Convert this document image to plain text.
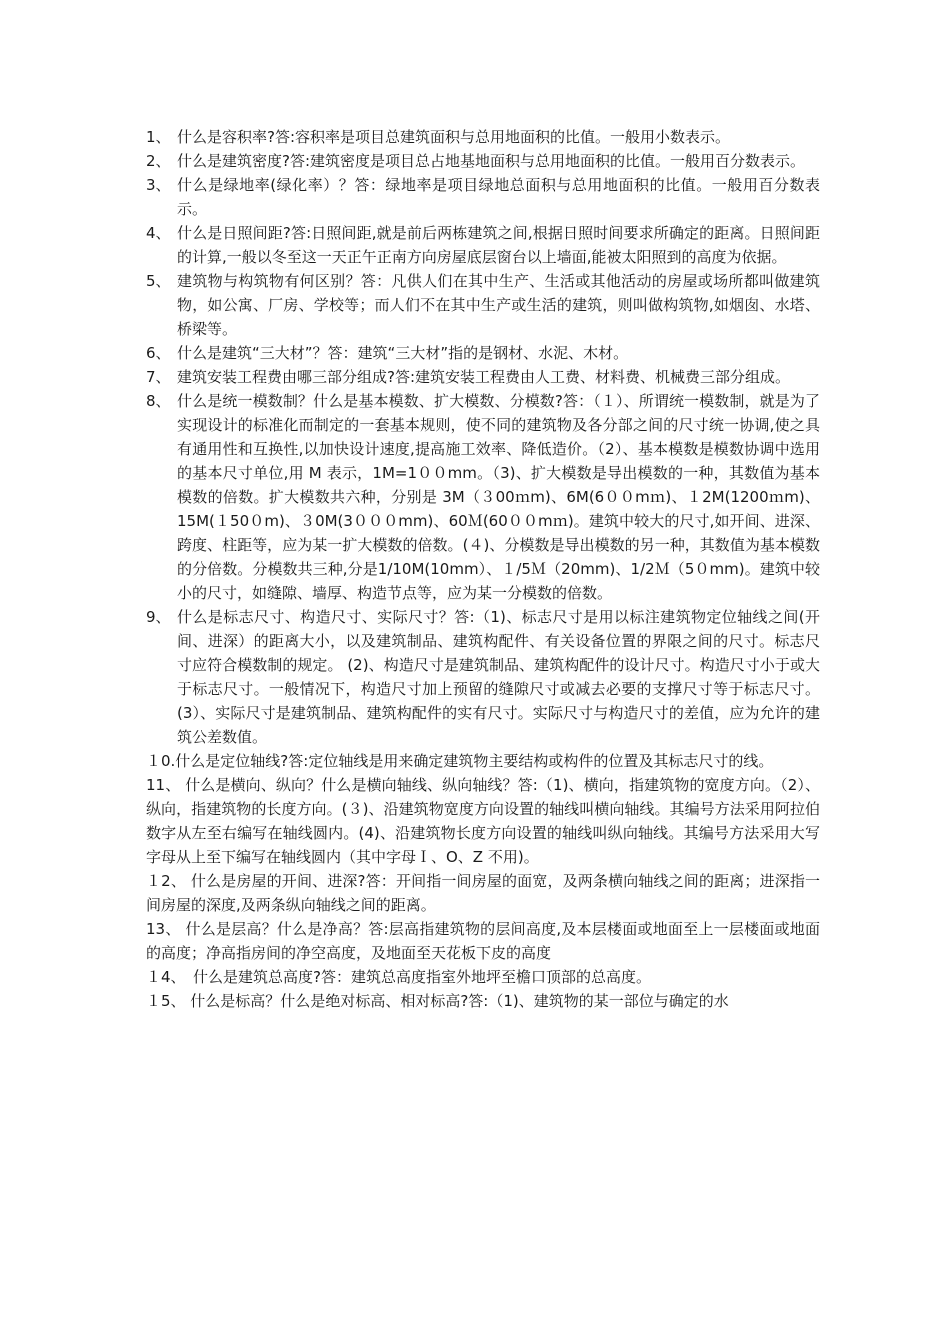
1、 什么是容积率?答:容积率是项目总建筑面积与总用地面积的比值。一般用小数表示。
2、 什么是建筑密度?答:建筑密度是项目总占地基地面积与总用地面积的比值。一般用百分数表示。
3、 什么是绿地率(绿化率）？答：绿地率是项目绿地总面积与总用地面积的比值。一般用百分数表示。
4、 什么是日照间距?答:日照间距,就是前后两栋建筑之间,根据日照时间要求所确定的距离。日照间距的计算,一般以冬至这一天正午正南方向房屋底层窗台以上墙面,能被太阳照到的高度为依据。
5、 建筑物与构筑物有何区别？答：凡供人们在其中生产、生活或其他活动的房屋或场所都叫做建筑物，如公寓、厂房、学校等；而人们不在其中生产或生活的建筑，则叫做构筑物,如烟囱、水塔、桥梁等。
6、 什么是建筑“三大材”？答：建筑“三大材”指的是钢材、水泥、木材。
7、 建筑安装工程费由哪三部分组成?答:建筑安装工程费由人工费、材料费、机械费三部分组成。
8、 什么是统一模数制？什么是基本模数、扩大模数、分模数?答：（１）、所谓统一模数制，就是为了实现设计的标准化而制定的一套基本规则，使不同的建筑物及各分部之间的尺寸统一协调,使之具有通用性和互换性,以加快设计速度,提高施工效率、降低造价。（2）、基本模数是模数协调中选用的基本尺寸单位,用 M 表示，1M=1００mm。（3)、扩大模数是导出模数的一种，其数值为基本模数的倍数。扩大模数共六种，分别是 3M（３00ｍm)、6M(6００mｍ)、１2M(1200ｍm)、15M(１50０m)、３0M(3０００mm)、60Ｍ(60００mｍ)。建筑中较大的尺寸,如开间、进深、跨度、柱距等，应为某一扩大模数的倍数。(４)、分模数是导出模数的另一种，其数值为基本模数的分倍数。分模数共三种,分是1/10M(10mm）、１/5Ｍ（20mm)、1/2Ｍ（5０mm)。建筑中较小的尺寸，如缝隙、墙厚、构造节点等，应为某一分模数的倍数。
9、 什么是标志尺寸、构造尺寸、实际尺寸？答:（1)、标志尺寸是用以标注建筑物定位轴线之间(开间、进深）的距离大小，以及建筑制品、建筑构配件、有关设备位置的界限之间的尺寸。标志尺寸应符合模数制的规定。 (2)、构造尺寸是建筑制品、建筑构配件的设计尺寸。构造尺寸小于或大于标志尺寸。一般情况下，构造尺寸加上预留的缝隙尺寸或减去必要的支撑尺寸等于标志尺寸。 (3）、实际尺寸是建筑制品、建筑构配件的实有尺寸。实际尺寸与构造尺寸的差值，应为允许的建筑公差数值。
１0.什么是定位轴线?答:定位轴线是用来确定建筑物主要结构或构件的位置及其标志尺寸的线。
11、 什么是横向、纵向？什么是横向轴线、纵向轴线？答:（1)、横向，指建筑物的宽度方向。（2）、纵向，指建筑物的长度方向。(３)、沿建筑物宽度方向设置的轴线叫横向轴线。其编号方法采用阿拉伯数字从左至右编写在轴线圆内。(4)、沿建筑物长度方向设置的轴线叫纵向轴线。其编号方法采用大写字母从上至下编写在轴线圆内（其中字母Ｉ、O、Z 不用)。
１2、 什么是房屋的开间、进深?答：开间指一间房屋的面宽，及两条横向轴线之间的距离；进深指一间房屋的深度,及两条纵向轴线之间的距离。
13、 什么是层高？什么是净高？答:层高指建筑物的层间高度,及本层楼面或地面至上一层楼面或地面的高度；净高指房间的净空高度，及地面至天花板下皮的高度
１4、　什么是建筑总高度?答：建筑总高度指室外地坪至檐口顶部的总高度。
１5、 什么是标高？什么是绝对标高、相对标高?答:（1)、建筑物的某一部位与确定的水
